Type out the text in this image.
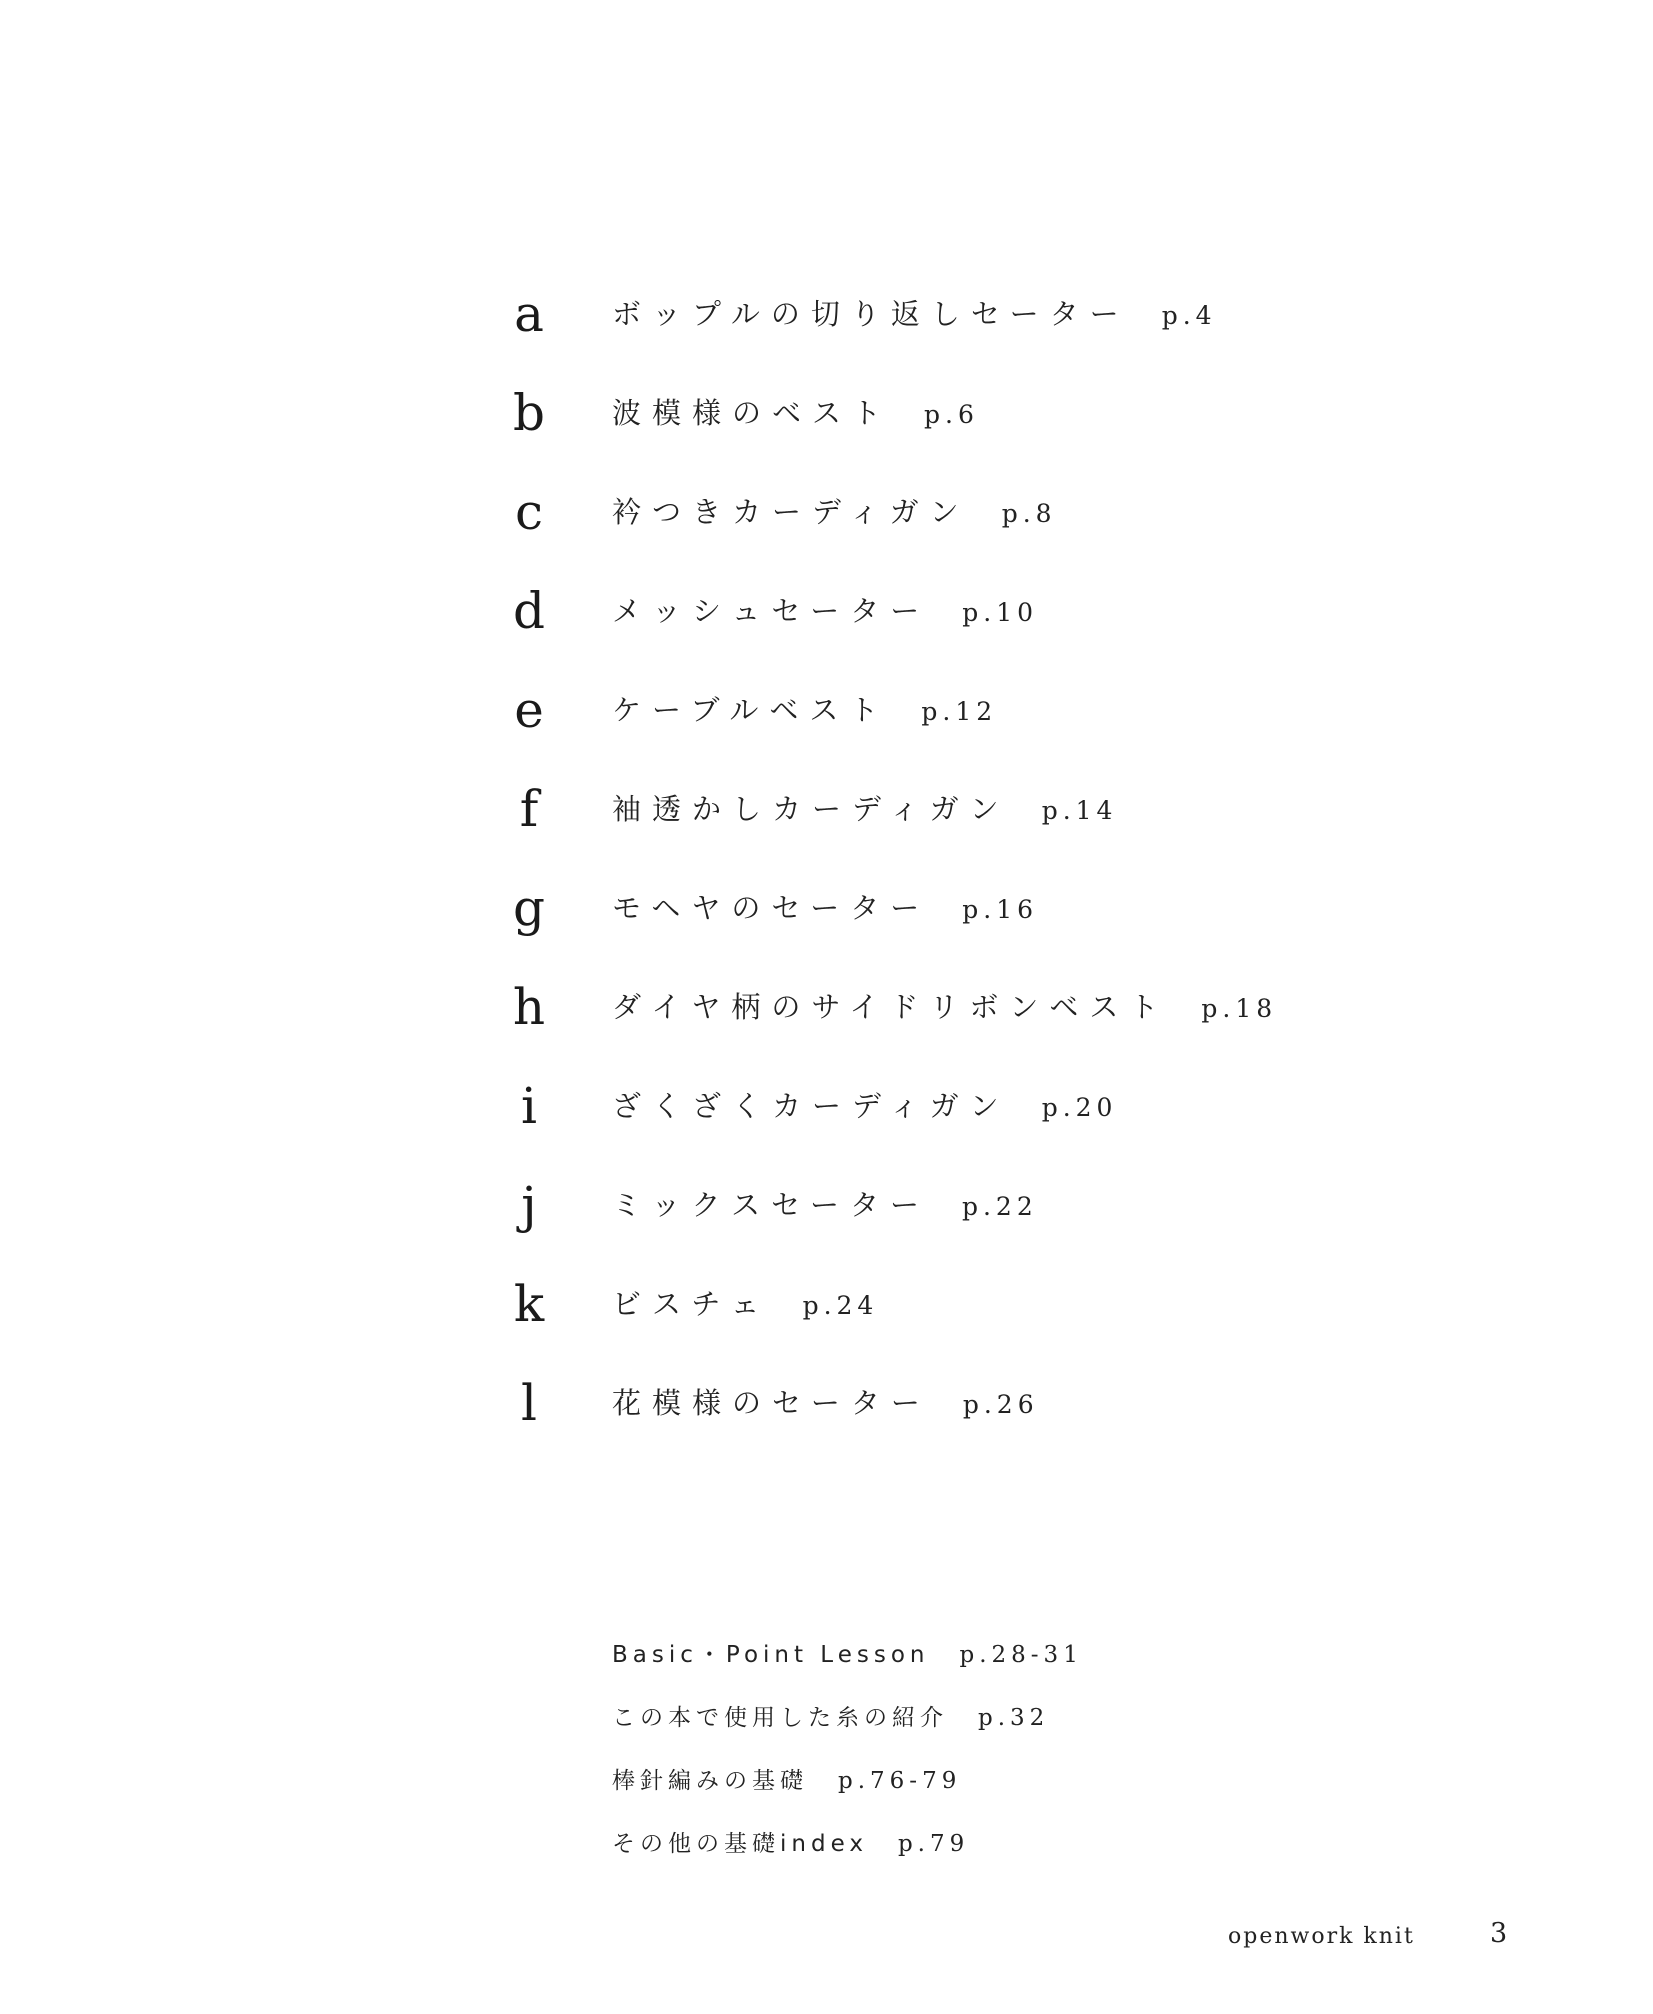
a	ボップルの切り返しセーター p.4
b	波模様のベスト p.6
c	衿つきカーディガン p.8
d	メッシュセーター p.10
e	ケーブルベスト p.12
f	袖透かしカーディガン p.14
g	モヘヤのセーター p.16
h	ダイヤ柄のサイドリボンベスト p.18
i	ざくざくカーディガン p.20
j	ミックスセーター p.22
k	ビスチェ p.24
l	花模様のセーター p.26
Basic・Point Lesson p.28-31
この本で使用した糸の紹介 p.32
棒針編みの基礎 p.76-79
その他の基礎index p.79
openwork knit	3
